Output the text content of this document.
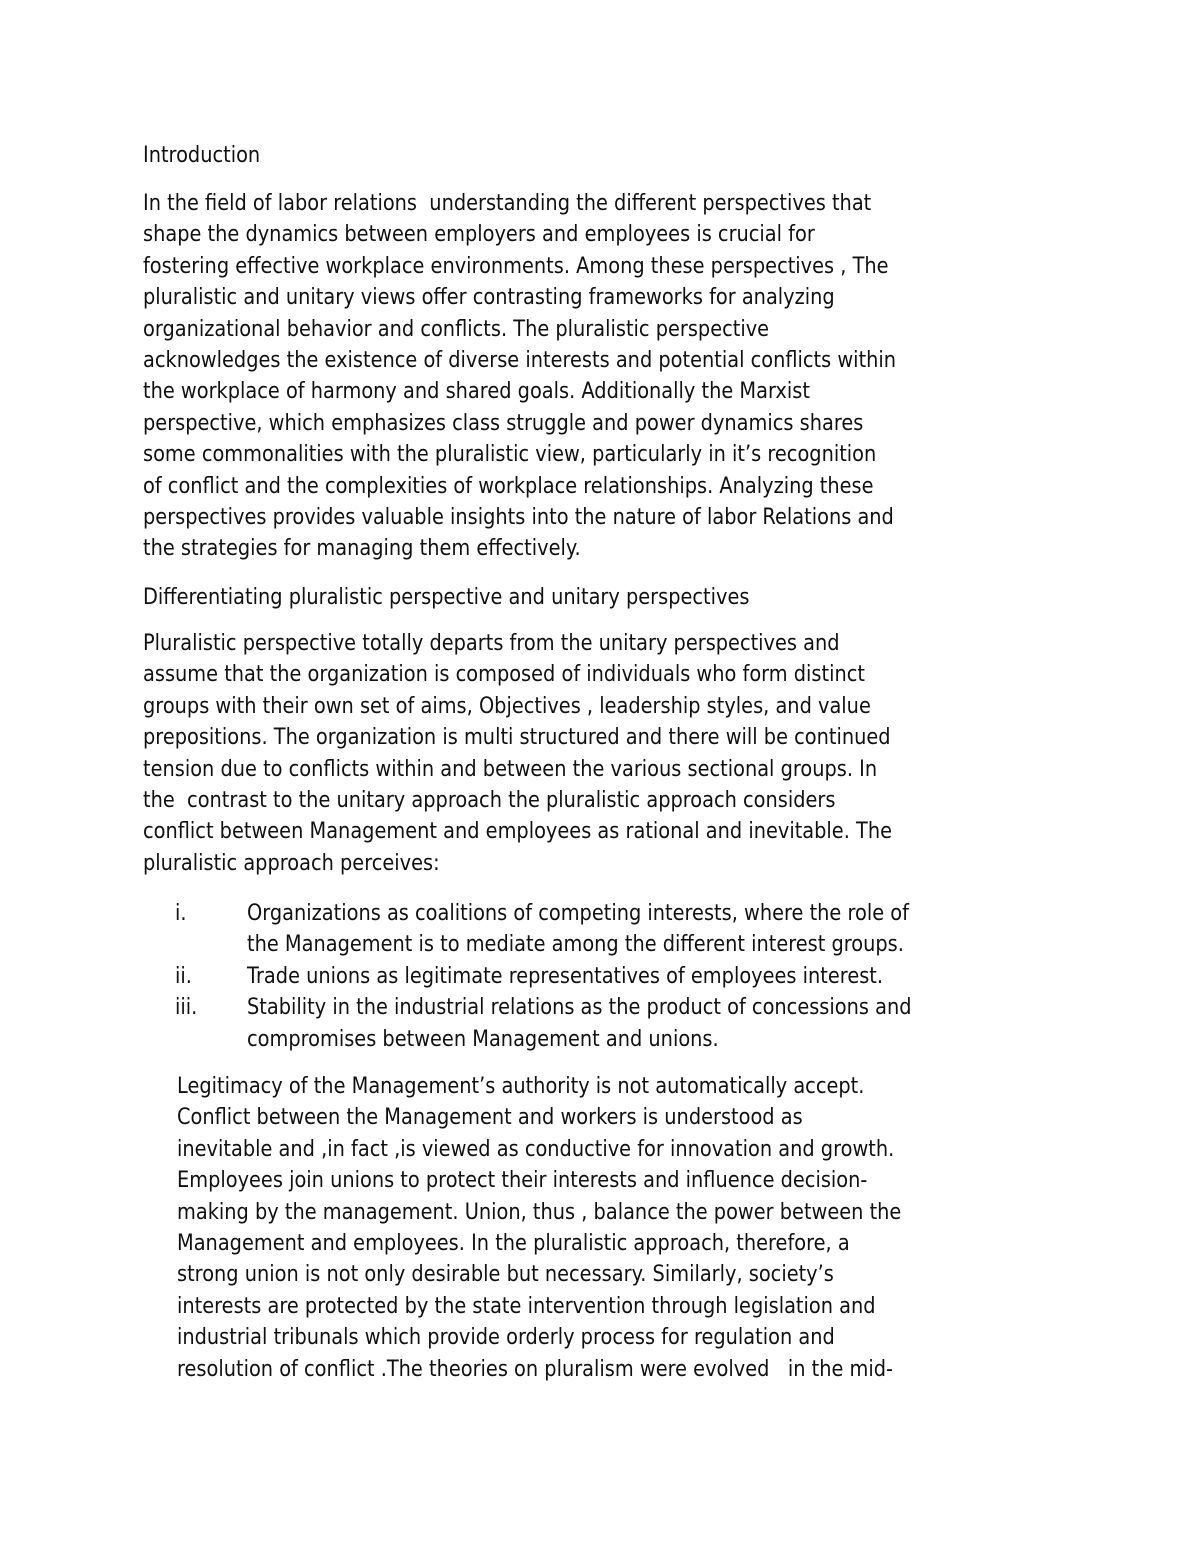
Introduction
In the field of labor relations  understanding the different perspectives that
shape the dynamics between employers and employees is crucial for
fostering effective workplace environments. Among these perspectives , The
pluralistic and unitary views offer contrasting frameworks for analyzing
organizational behavior and conflicts. The pluralistic perspective
acknowledges the existence of diverse interests and potential conflicts within
the workplace of harmony and shared goals. Additionally the Marxist
perspective, which emphasizes class struggle and power dynamics shares
some commonalities with the pluralistic view, particularly in it’s recognition
of conflict and the complexities of workplace relationships. Analyzing these
perspectives provides valuable insights into the nature of labor Relations and
the strategies for managing them effectively.
Differentiating pluralistic perspective and unitary perspectives
Pluralistic perspective totally departs from the unitary perspectives and
assume that the organization is composed of individuals who form distinct
groups with their own set of aims, Objectives , leadership styles, and value
prepositions. The organization is multi structured and there will be continued
tension due to conflicts within and between the various sectional groups. In
the  contrast to the unitary approach the pluralistic approach considers
conflict between Management and employees as rational and inevitable. The
pluralistic approach perceives:
i.	Organizations as coalitions of competing interests, where the role of
the Management is to mediate among the different interest groups.
ii. Trade unions as legitimate representatives of employees interest.
iii. Stability in the industrial relations as the product of concessions and
compromises between Management and unions.
Legitimacy of the Management’s authority is not automatically accept.
Conflict between the Management and workers is understood as
inevitable and ,in fact ,is viewed as conductive for innovation and growth.
Employees join unions to protect their interests and influence decision-
making by the management. Union, thus , balance the power between the
Management and employees. In the pluralistic approach, therefore, a
strong union is not only desirable but necessary. Similarly, society’s
interests are protected by the state intervention through legislation and
industrial tribunals which provide orderly process for regulation and
resolution of conflict .The theories on pluralism were evolved   in the mid-
